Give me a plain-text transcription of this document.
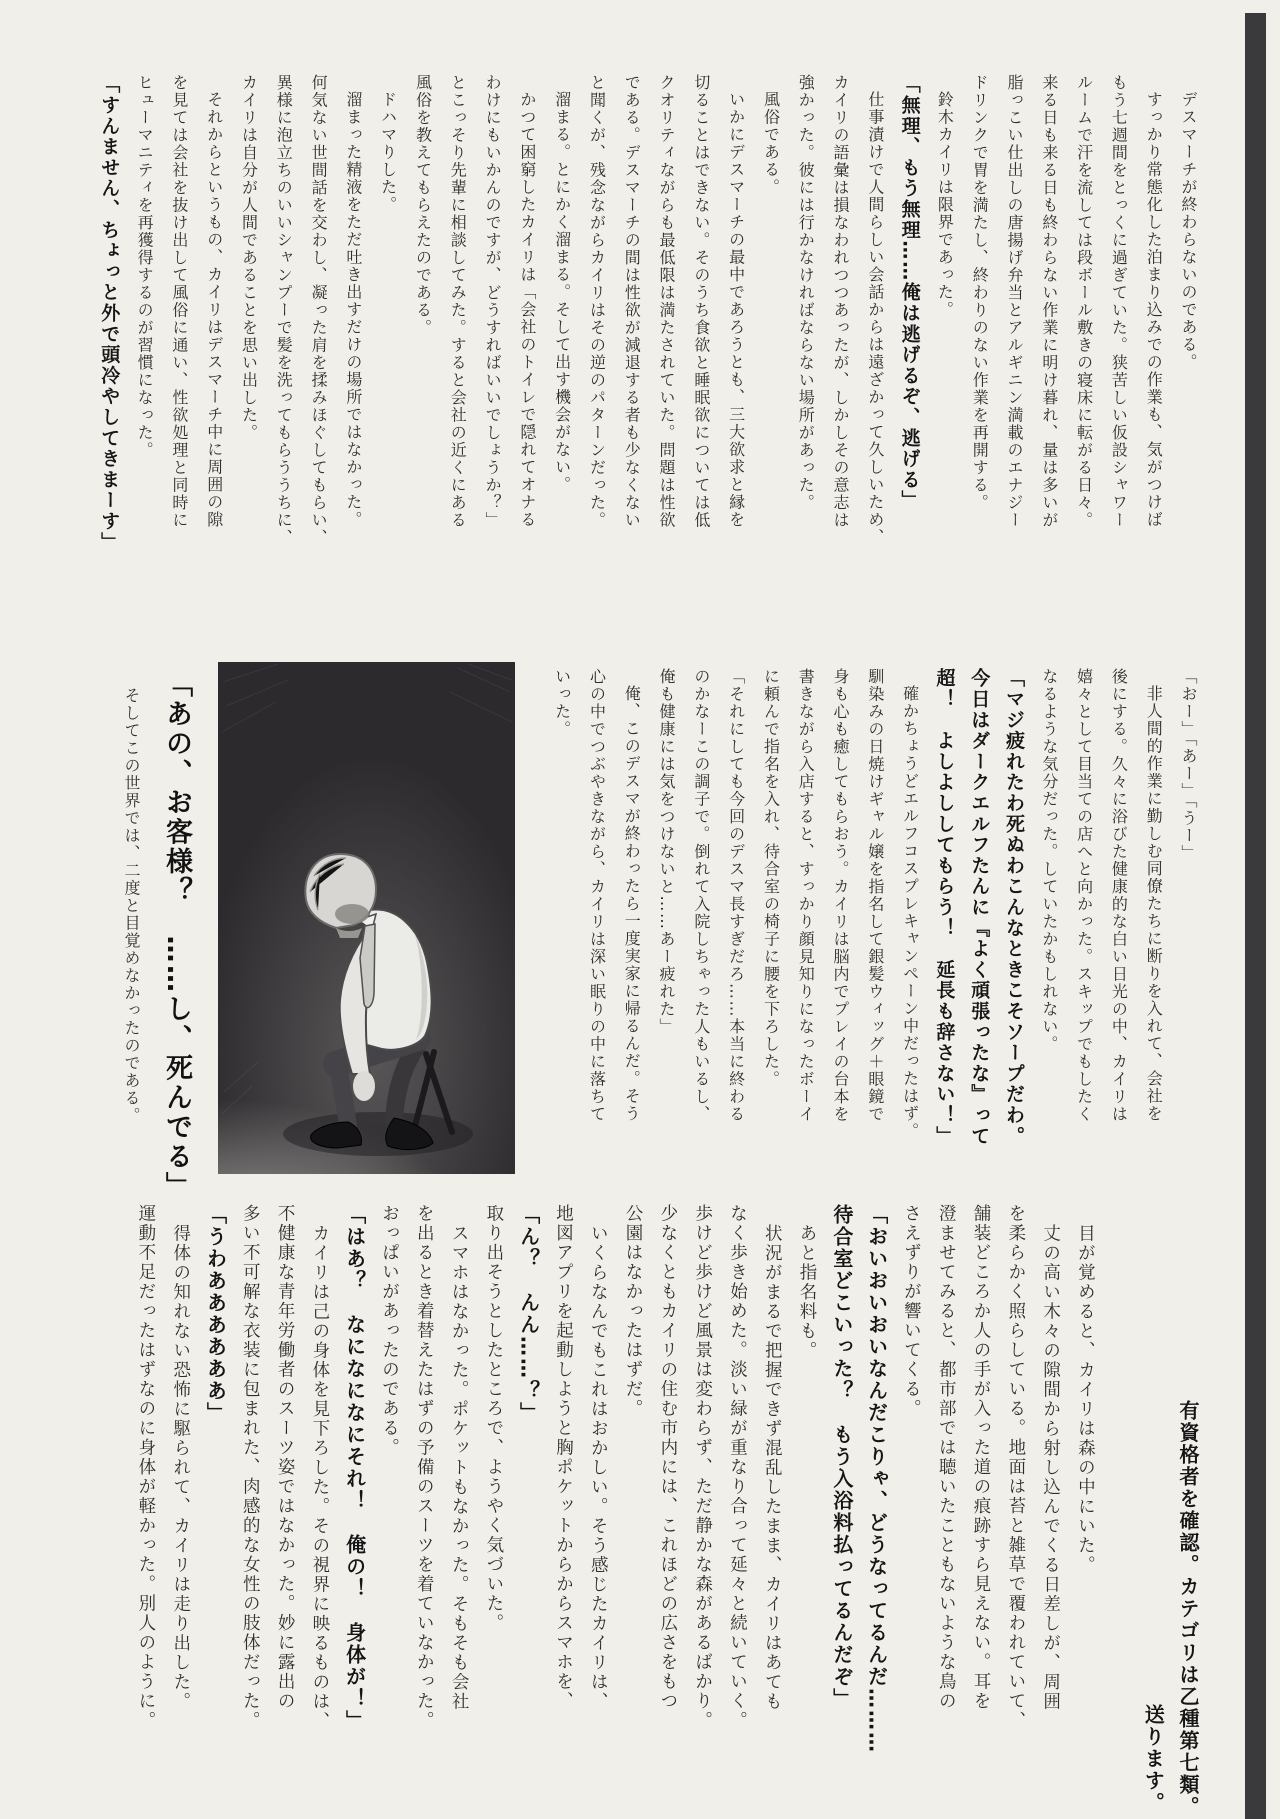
デスマーチが終わらないのである。
すっかり常態化した泊まり込みでの作業も、気がつけば
もう七週間をとっくに過ぎていた。狭苦しい仮設シャワー
ルームで汗を流しては段ボール敷きの寝床に転がる日々。
来る日も来る日も終わらない作業に明け暮れ、量は多いが
脂っこい仕出しの唐揚げ弁当とアルギニン満載のエナジー
ドリンクで胃を満たし、終わりのない作業を再開する。
鈴木カイリは限界であった。
「無理、もう無理……俺は逃げるぞ、逃げる」
仕事漬けで人間らしい会話からは遠ざかって久しいため、
カイリの語彙は損なわれつつあったが、しかしその意志は
強かった。彼には行かなければならない場所があった。
風俗である。
いかにデスマーチの最中であろうとも、三大欲求と縁を
切ることはできない。そのうち食欲と睡眠欲については低
クオリティながらも最低限は満たされていた。問題は性欲
である。デスマーチの間は性欲が減退する者も少なくない
と聞くが、残念ながらカイリはその逆のパターンだった。
溜まる。とにかく溜まる。そして出す機会がない。
かつて困窮したカイリは「会社のトイレで隠れてオナる
わけにもいかんのですが、どうすればいいでしょうか？」
とこっそり先輩に相談してみた。すると会社の近くにある
風俗を教えてもらえたのである。
ドハマりした。
溜まった精液をただ吐き出すだけの場所ではなかった。
何気ない世間話を交わし、凝った肩を揉みほぐしてもらい、
異様に泡立ちのいいシャンプーで髪を洗ってもらううちに、
カイリは自分が人間であることを思い出した。
それからというもの、カイリはデスマーチ中に周囲の隙
を見ては会社を抜け出して風俗に通い、性欲処理と同時に
ヒューマニティを再獲得するのが習慣になった。
「すんません、ちょっと外で頭冷やしてきまーす」
「おー」「あー」「うー」
非人間的作業に勤しむ同僚たちに断りを入れて、会社を
後にする。久々に浴びた健康的な白い日光の中、カイリは
嬉々として目当ての店へと向かった。スキップでもしたく
なるような気分だった。していたかもしれない。
「マジ疲れたわ死ぬわこんなときこそソープだわ。
今日はダークエルフたんに『よく頑張ったな』って
超！　よしよししてもらう！　延長も辞さない！」
確かちょうどエルフコスプレキャンペーン中だったはず。
馴染みの日焼けギャル嬢を指名して銀髪ウィッグ＋眼鏡で
身も心も癒してもらおう。カイリは脳内でプレイの台本を
書きながら入店すると、すっかり顔見知りになったボーイ
に頼んで指名を入れ、待合室の椅子に腰を下ろした。
「それにしても今回のデスマ長すぎだろ……本当に終わる
のかなーこの調子で。倒れて入院しちゃった人もいるし、
俺も健康には気をつけないと……あー疲れた」
俺、このデスマが終わったら一度実家に帰るんだ。そう
心の中でつぶやきながら、カイリは深い眠りの中に落ちて
いった。
「あの、お客様？　……し、死んでる」
そしてこの世界では、二度と目覚めなかったのである。
有資格者を確認。カテゴリは乙種第七類。
送ります。
目が覚めると、カイリは森の中にいた。
丈の高い木々の隙間から射し込んでくる日差しが、周囲
を柔らかく照らしている。地面は苔と雑草で覆われていて、
舗装どころか人の手が入った道の痕跡すら見えない。耳を
澄ませてみると、都市部では聴いたこともないような鳥の
さえずりが響いてくる。
「おいおいおいなんだこりゃ、どうなってるんだ………
待合室どこいった？　もう入浴料払ってるんだぞ」
あと指名料も。
状況がまるで把握できず混乱したまま、カイリはあても
なく歩き始めた。淡い緑が重なり合って延々と続いていく。
歩けど歩けど風景は変わらず、ただ静かな森があるばかり。
少なくともカイリの住む市内には、これほどの広さをもつ
公園はなかったはずだ。
いくらなんでもこれはおかしい。そう感じたカイリは、
地図アプリを起動しようと胸ポケットからからスマホを、
「ん？　んん……？」
取り出そうとしたところで、ようやく気づいた。
スマホはなかった。ポケットもなかった。そもそも会社
を出るとき着替えたはずの予備のスーツを着ていなかった。
おっぱいがあったのである。
「はあ？　なになになにそれ！　俺の！　身体が！」
カイリは己の身体を見下ろした。その視界に映るものは、
不健康な青年労働者のスーツ姿ではなかった。妙に露出の
多い不可解な衣装に包まれた、肉感的な女性の肢体だった。
「うわああああああ」
得体の知れない恐怖に駆られて、カイリは走り出した。
運動不足だったはずなのに身体が軽かった。別人のように。
